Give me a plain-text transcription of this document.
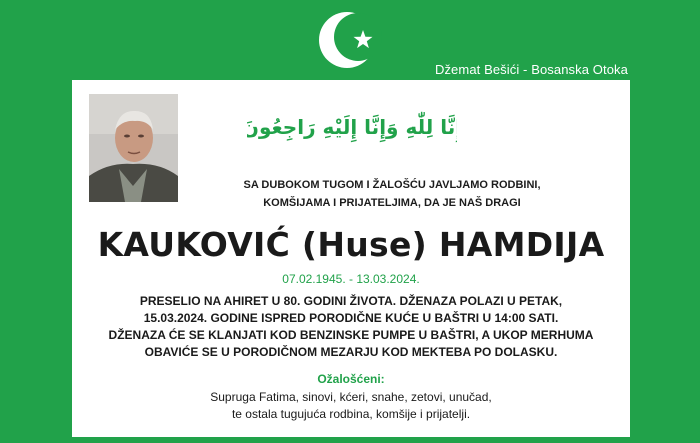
Džemat Bešići - Bosanska Otoka
إِنَّا لِلّٰهِ وَإِنَّا إِلَيْهِ رَاجِعُونَ
SA DUBOKOM TUGOM I ŽALOŠĆU JAVLJAMO RODBINI,
KOMŠIJAMA I PRIJATELJIMA, DA JE NAŠ DRAGI
KAUKOVIĆ (Huse) HAMDIJA
07.02.1945. - 13.03.2024.
PRESELIO NA AHIRET U 80. GODINI ŽIVOTA. DŽENAZA POLAZI U PETAK,
15.03.2024. GODINE ISPRED PORODIČNE KUĆE U BAŠTRI U 14:00 SATI.
DŽENAZA ĆE SE KLANJATI KOD BENZINSKE PUMPE U BAŠTRI, A UKOP MERHUMA
OBAVIĆE SE U PORODIČNOM MEZARJU KOD MEKTEBA PO DOLASKU.
Ožalošćeni:
Supruga Fatima, sinovi, kćeri, snahe, zetovi, unučad,
te ostala tugujuća rodbina, komšije i prijatelji.
